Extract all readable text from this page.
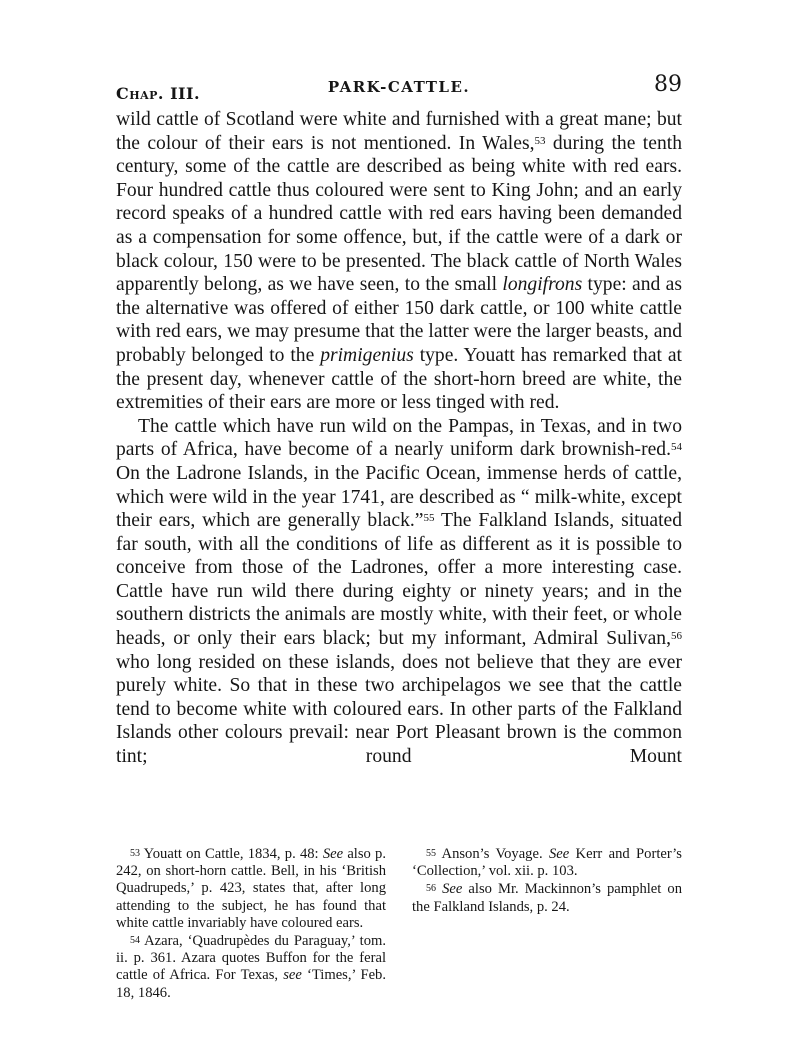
Chap. III.	PARK-CATTLE.	89

wild cattle of Scotland were white and furnished with a great mane; but the colour of their ears is not mentioned. In Wales,$^{53}$ during the tenth century, some of the cattle are described as being white with red ears. Four hundred cattle thus coloured were sent to King John; and an early record speaks of a hundred cattle with red ears having been demanded as a compensation for some offence, but, if the cattle were of a dark or black colour, 150 were to be presented. The black cattle of North Wales apparently belong, as we have seen, to the small longifrons type: and as the alternative was offered of either 150 dark cattle, or 100 white cattle with red ears, we may presume that the latter were the larger beasts, and probably belonged to the primigenius type. Youatt has remarked that at the present day, whenever cattle of the short-horn breed are white, the extremities of their ears are more or less tinged with red.

The cattle which have run wild on the Pampas, in Texas, and in two parts of Africa, have become of a nearly uniform dark brownish-red.$^{54}$ On the Ladrone Islands, in the Pacific Ocean, immense herds of cattle, which were wild in the year 1741, are described as “ milk-white, except their ears, which are generally black.”$^{55}$ The Falkland Islands, situated far south, with all the conditions of life as different as it is possible to conceive from those of the Ladrones, offer a more interesting case. Cattle have run wild there during eighty or ninety years; and in the southern districts the animals are mostly white, with their feet, or whole heads, or only their ears black; but my informant, Admiral Sulivan,$^{56}$ who long resided on these islands, does not believe that they are ever purely white. So that in these two archipelagos we see that the cattle tend to become white with coloured ears. In other parts of the Falkland Islands other colours prevail: near Port Pleasant brown is the common tint; round Mount

$^{53}$ Youatt on Cattle, 1834, p. 48: See also p. 242, on short-horn cattle. Bell, in his ‘British Quadrupeds,’ p. 423, states that, after long attending to the subject, he has found that white cattle invariably have coloured ears.

$^{54}$ Azara, ‘Quadrupèdes du Paraguay,’ tom. ii. p. 361. Azara quotes Buffon for the feral cattle of Africa. For Texas, see ‘Times,’ Feb. 18, 1846.

$^{55}$ Anson’s Voyage. See Kerr and Porter’s ‘Collection,’ vol. xii. p. 103.

$^{56}$ See also Mr. Mackinnon’s pamphlet on the Falkland Islands, p. 24.
